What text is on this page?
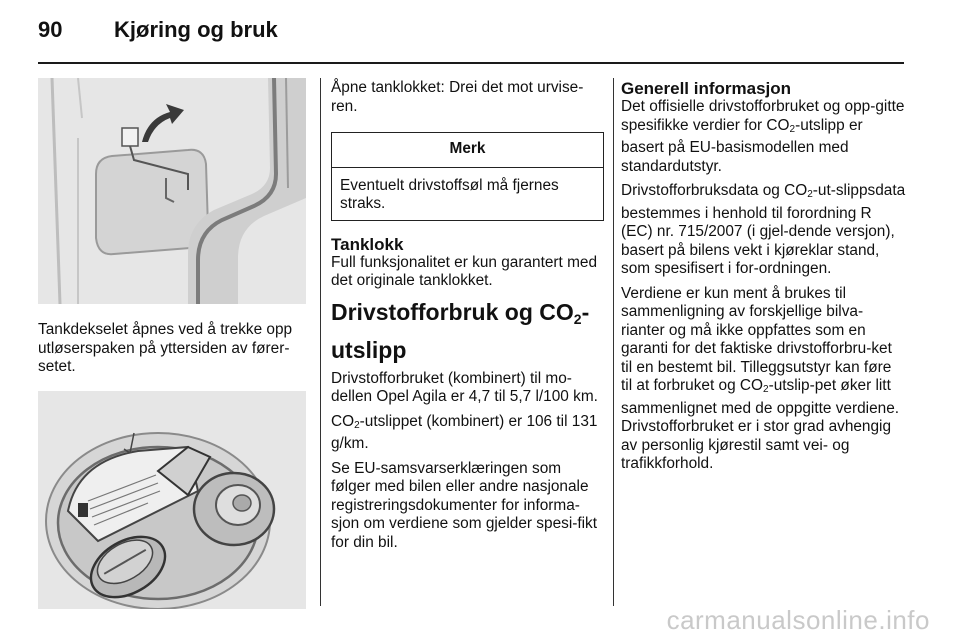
90 Kjøring og bruk

Tankdekselet åpnes ved å trekke opp utløserspaken på yttersiden av fører-setet.

Åpne tanklokket: Drei det mot urvise-ren.

Merk
Eventuelt drivstoffsøl må fjernes straks.
Tanklokk

Full funksjonalitet er kun garantert med det originale tanklokket.

Drivstofforbruk og $CO_2$-utslipp

Drivstofforbruket (kombinert) til mo-dellen Opel Agila er 4,7 til 5,7 l/100 km.

$CO_2$-utslippet (kombinert) er 106 til 131 g/km.

Se EU-samsvarserklæringen som følger med bilen eller andre nasjonale registreringsdokumenter for informa-sjon om verdiene som gjelder spesi-fikt for din bil.

Generell informasjon

Det offisielle drivstofforbruket og opp-gitte spesifikke verdier for $CO_2$-utslipp er basert på EU-basismodellen med standardutstyr.

Drivstofforbruksdata og $CO_2-ut$-slippsdata bestemmes i henhold til forordning R (EC) nr. 715/2007 (i gjel-dende versjon), basert på bilens vekt i kjøreklar stand, som spesifisert i for-ordningen.

Verdiene er kun ment å brukes til sammenligning av forskjellige bilva-rianter og må ikke oppfattes som en garanti for det faktiske drivstofforbru-ket til en bestemt bil. Tilleggsutstyr kan føre til at forbruket og $CO_2-utslip$-pet øker litt sammenlignet med de oppgitte verdiene. Drivstofforbruket er i stor grad avhengig av personlig kjørestil samt vei- og trafikkforhold.

carmanualsonline.info
